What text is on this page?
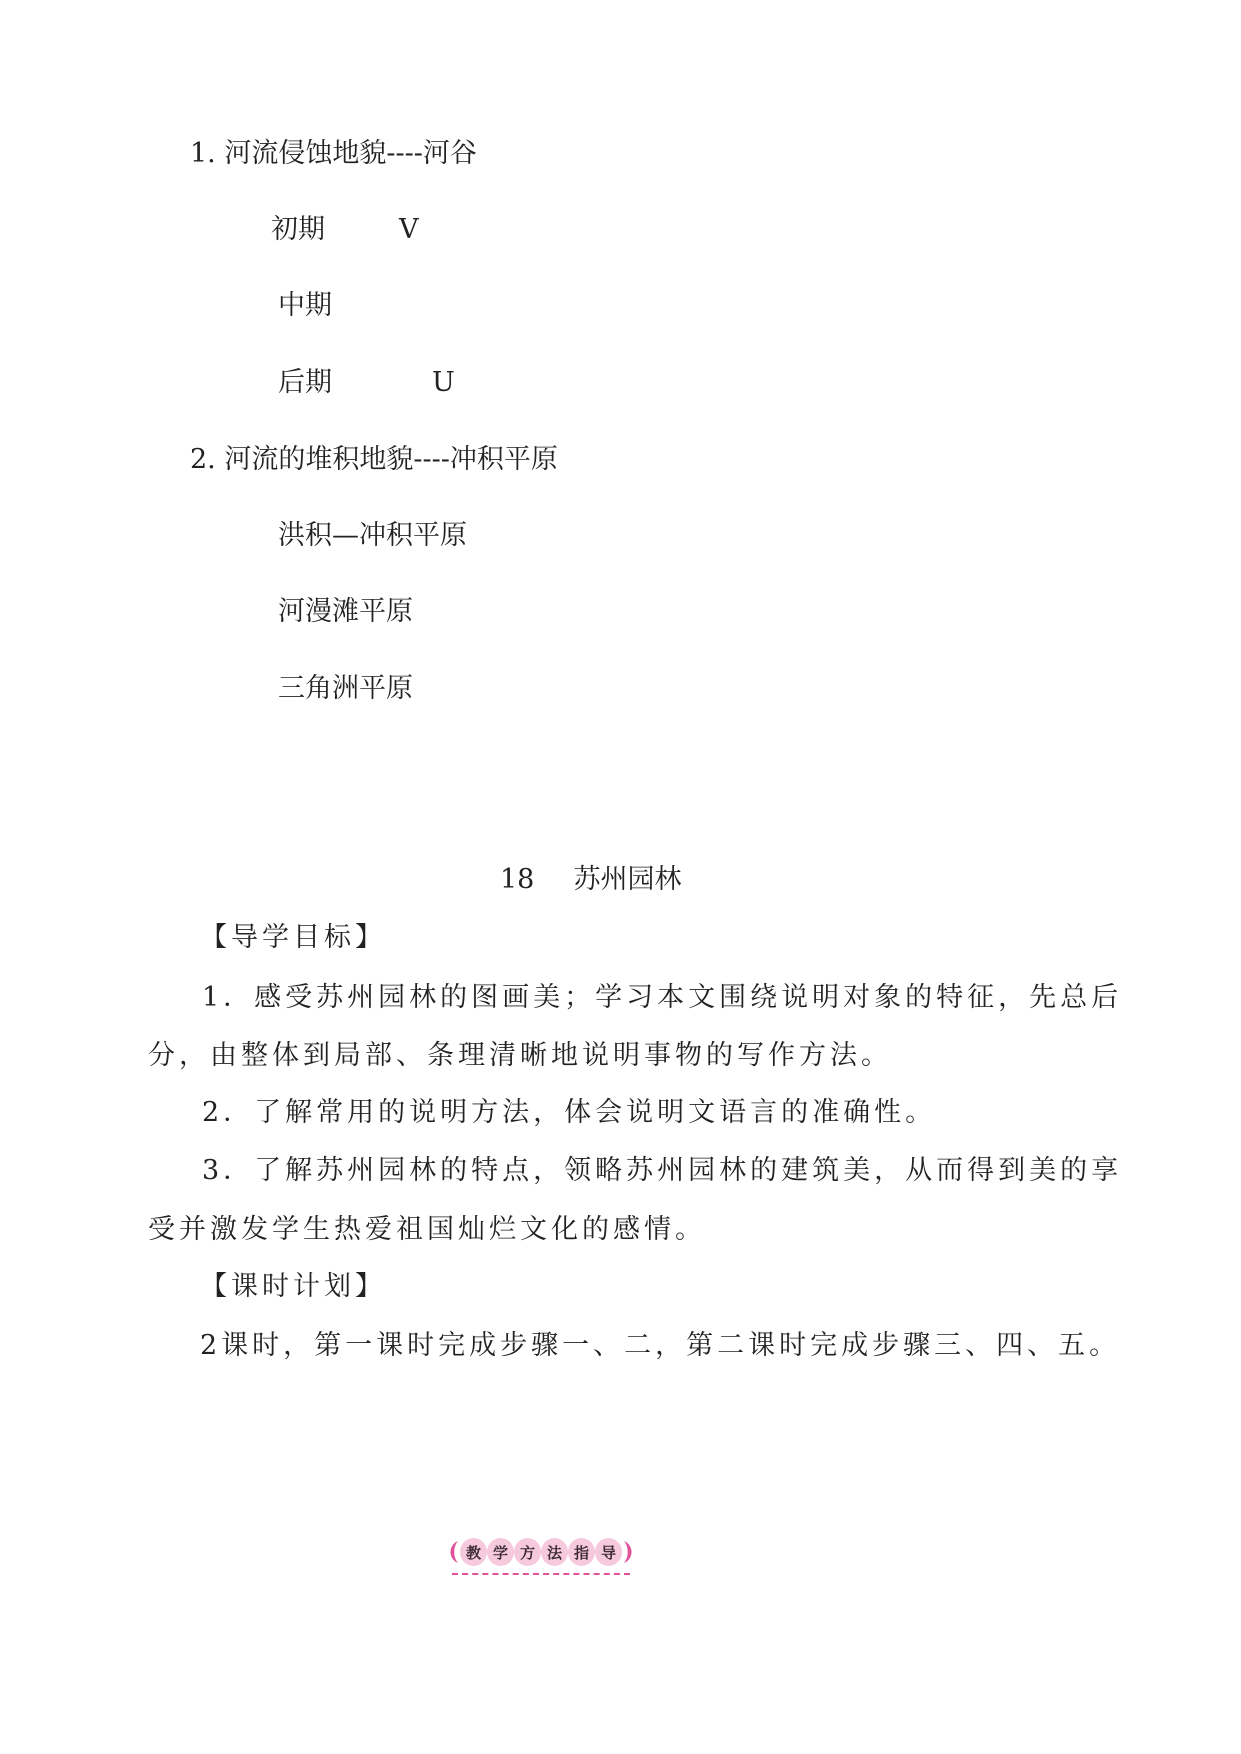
1. 河流侵蚀地貌----河谷
初期	V
中期
后期	U
2. 河流的堆积地貌----冲积平原
洪积—冲积平原
河漫滩平原
三角洲平原
18 苏州园林
【导学目标】
1．感受苏州园林的图画美；学习本文围绕说明对象的特征，先总后
分，由整体到局部、条理清晰地说明事物的写作方法。
2．了解常用的说明方法，体会说明文语言的准确性。
3．了解苏州园林的特点，领略苏州园林的建筑美，从而得到美的享
受并激发学生热爱祖国灿烂文化的感情。
【课时计划】
2课时，第一课时完成步骤一、二，第二课时完成步骤三、四、五。
教 学 方 法 指 导
